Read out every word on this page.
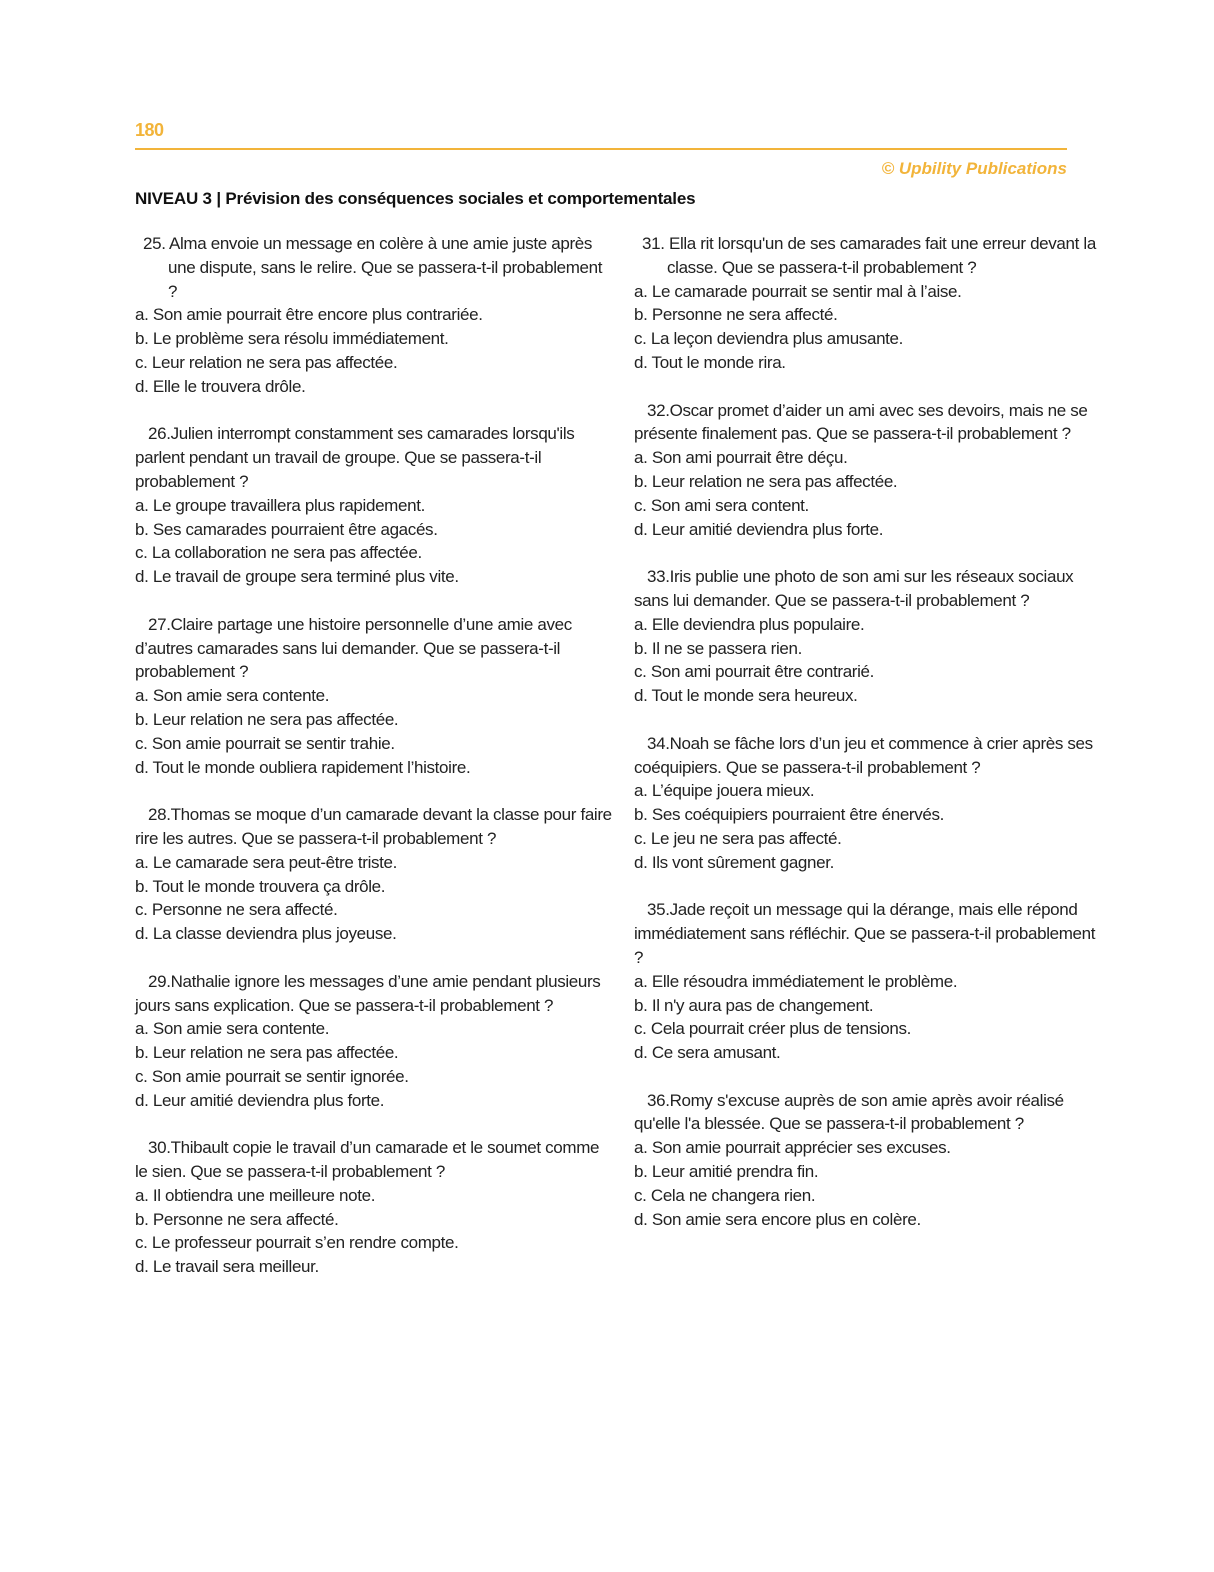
180
© Upbility Publications
NIVEAU 3 | Prévision des conséquences sociales et comportementales

25. Alma envoie un message en colère à une amie juste après une dispute, sans le relire. Que se passera-t-il probablement ?

a. Son amie pourrait être encore plus contrariée.

b. Le problème sera résolu immédiatement.

c. Leur relation ne sera pas affectée.

d. Elle le trouvera drôle.

26.Julien interrompt constamment ses camarades lorsqu'ils parlent pendant un travail de groupe. Que se passera-t-il probablement ?

a. Le groupe travaillera plus rapidement.

b. Ses camarades pourraient être agacés.

c. La collaboration ne sera pas affectée.

d. Le travail de groupe sera terminé plus vite.

27.Claire partage une histoire personnelle d’une amie avec d’autres camarades sans lui demander. Que se passera-t-il probablement ?

a. Son amie sera contente.

b. Leur relation ne sera pas affectée.

c. Son amie pourrait se sentir trahie.

d. Tout le monde oubliera rapidement l’histoire.

28.Thomas se moque d’un camarade devant la classe pour faire rire les autres. Que se passera-t-il probablement ?

a. Le camarade sera peut-être triste.

b. Tout le monde trouvera ça drôle.

c. Personne ne sera affecté.

d. La classe deviendra plus joyeuse.

29.Nathalie ignore les messages d’une amie pendant plusieurs jours sans explication. Que se passera-t-il probablement ?

a. Son amie sera contente.

b. Leur relation ne sera pas affectée.

c. Son amie pourrait se sentir ignorée.

d. Leur amitié deviendra plus forte.

30.Thibault copie le travail d’un camarade et le soumet comme le sien. Que se passera-t-il probablement ?

a. Il obtiendra une meilleure note.

b. Personne ne sera affecté.

c. Le professeur pourrait s’en rendre compte.

d. Le travail sera meilleur.

31. Ella rit lorsqu'un de ses camarades fait une erreur devant la classe. Que se passera-t-il probablement ?

a. Le camarade pourrait se sentir mal à l’aise.

b. Personne ne sera affecté.

c. La leçon deviendra plus amusante.

d. Tout le monde rira.

32.Oscar promet d’aider un ami avec ses devoirs, mais ne se présente finalement pas. Que se passera-t-il probablement ?

a. Son ami pourrait être déçu.

b. Leur relation ne sera pas affectée.

c. Son ami sera content.

d. Leur amitié deviendra plus forte.

33.Iris publie une photo de son ami sur les réseaux sociaux sans lui demander. Que se passera-t-il probablement ?

a. Elle deviendra plus populaire.

b. Il ne se passera rien.

c. Son ami pourrait être contrarié.

d. Tout le monde sera heureux.

34.Noah se fâche lors d’un jeu et commence à crier après ses coéquipiers. Que se passera-t-il probablement ?

a. L’équipe jouera mieux.

b. Ses coéquipiers pourraient être énervés.

c. Le jeu ne sera pas affecté.

d. Ils vont sûrement gagner.

35.Jade reçoit un message qui la dérange, mais elle répond immédiatement sans réfléchir. Que se passera-t-il probablement ?

a. Elle résoudra immédiatement le problème.

b. Il n'y aura pas de changement.

c. Cela pourrait créer plus de tensions.

d. Ce sera amusant.

36.Romy s'excuse auprès de son amie après avoir réalisé qu'elle l'a blessée. Que se passera-t-il probablement ?

a. Son amie pourrait apprécier ses excuses.

b. Leur amitié prendra fin.

c. Cela ne changera rien.

d. Son amie sera encore plus en colère.
